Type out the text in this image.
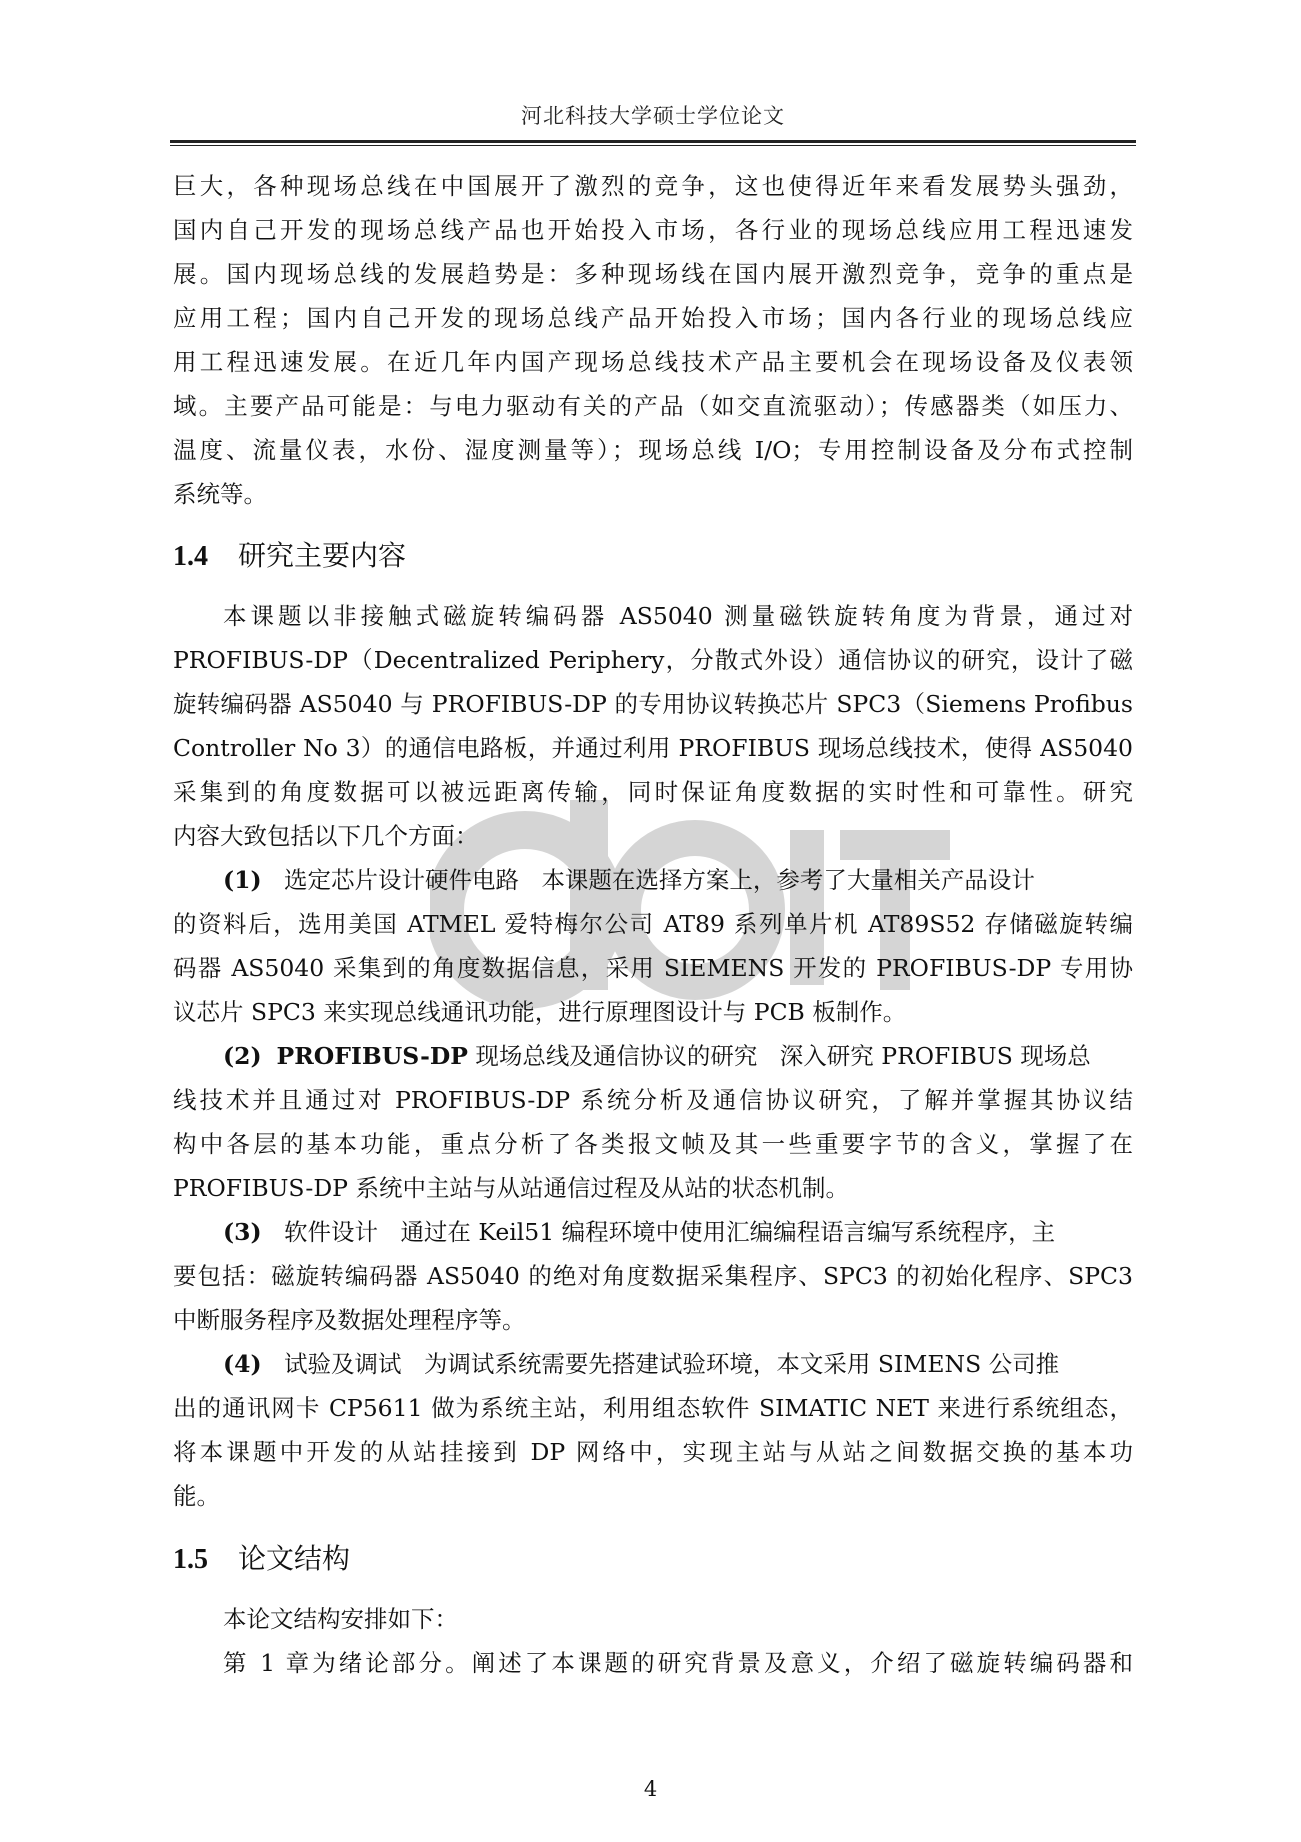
河北科技大学硕士学位论文
巨大，各种现场总线在中国展开了激烈的竞争，这也使得近年来看发展势头强劲，
国内自己开发的现场总线产品也开始投入市场，各行业的现场总线应用工程迅速发
展。国内现场总线的发展趋势是：多种现场线在国内展开激烈竞争，竞争的重点是
应用工程；国内自己开发的现场总线产品开始投入市场；国内各行业的现场总线应
用工程迅速发展。在近几年内国产现场总线技术产品主要机会在现场设备及仪表领
域。主要产品可能是：与电力驱动有关的产品（如交直流驱动）；传感器类（如压力、
温度、流量仪表，水份、湿度测量等）；现场总线 I/O；专用控制设备及分布式控制
系统等。
1.4 研究主要内容
本课题以非接触式磁旋转编码器 AS5040 测量磁铁旋转角度为背景，通过对
PROFIBUS-DP（Decentralized Periphery，分散式外设）通信协议的研究，设计了磁
旋转编码器 AS5040 与 PROFIBUS-DP 的专用协议转换芯片 SPC3（Siemens Profibus
Controller No 3）的通信电路板，并通过利用 PROFIBUS 现场总线技术，使得 AS5040
采集到的角度数据可以被远距离传输，同时保证角度数据的实时性和可靠性。研究
内容大致包括以下几个方面：
(1) 选定芯片设计硬件电路 本课题在选择方案上，参考了大量相关产品设计
的资料后，选用美国 ATMEL 爱特梅尔公司 AT89 系列单片机 AT89S52 存储磁旋转编
码器 AS5040 采集到的角度数据信息，采用 SIEMENS 开发的 PROFIBUS-DP 专用协
议芯片 SPC3 来实现总线通讯功能，进行原理图设计与 PCB 板制作。
(2) PROFIBUS-DP 现场总线及通信协议的研究 深入研究 PROFIBUS 现场总
线技术并且通过对 PROFIBUS-DP 系统分析及通信协议研究，了解并掌握其协议结
构中各层的基本功能，重点分析了各类报文帧及其一些重要字节的含义，掌握了在
PROFIBUS-DP 系统中主站与从站通信过程及从站的状态机制。
(3) 软件设计 通过在 Keil51 编程环境中使用汇编编程语言编写系统程序，主
要包括：磁旋转编码器 AS5040 的绝对角度数据采集程序、SPC3 的初始化程序、SPC3
中断服务程序及数据处理程序等。
(4) 试验及调试 为调试系统需要先搭建试验环境，本文采用 SIMENS 公司推
出的通讯网卡 CP5611 做为系统主站，利用组态软件 SIMATIC NET 来进行系统组态，
将本课题中开发的从站挂接到 DP 网络中，实现主站与从站之间数据交换的基本功
能。
1.5 论文结构
本论文结构安排如下：
第 1 章为绪论部分。阐述了本课题的研究背景及意义，介绍了磁旋转编码器和
4
